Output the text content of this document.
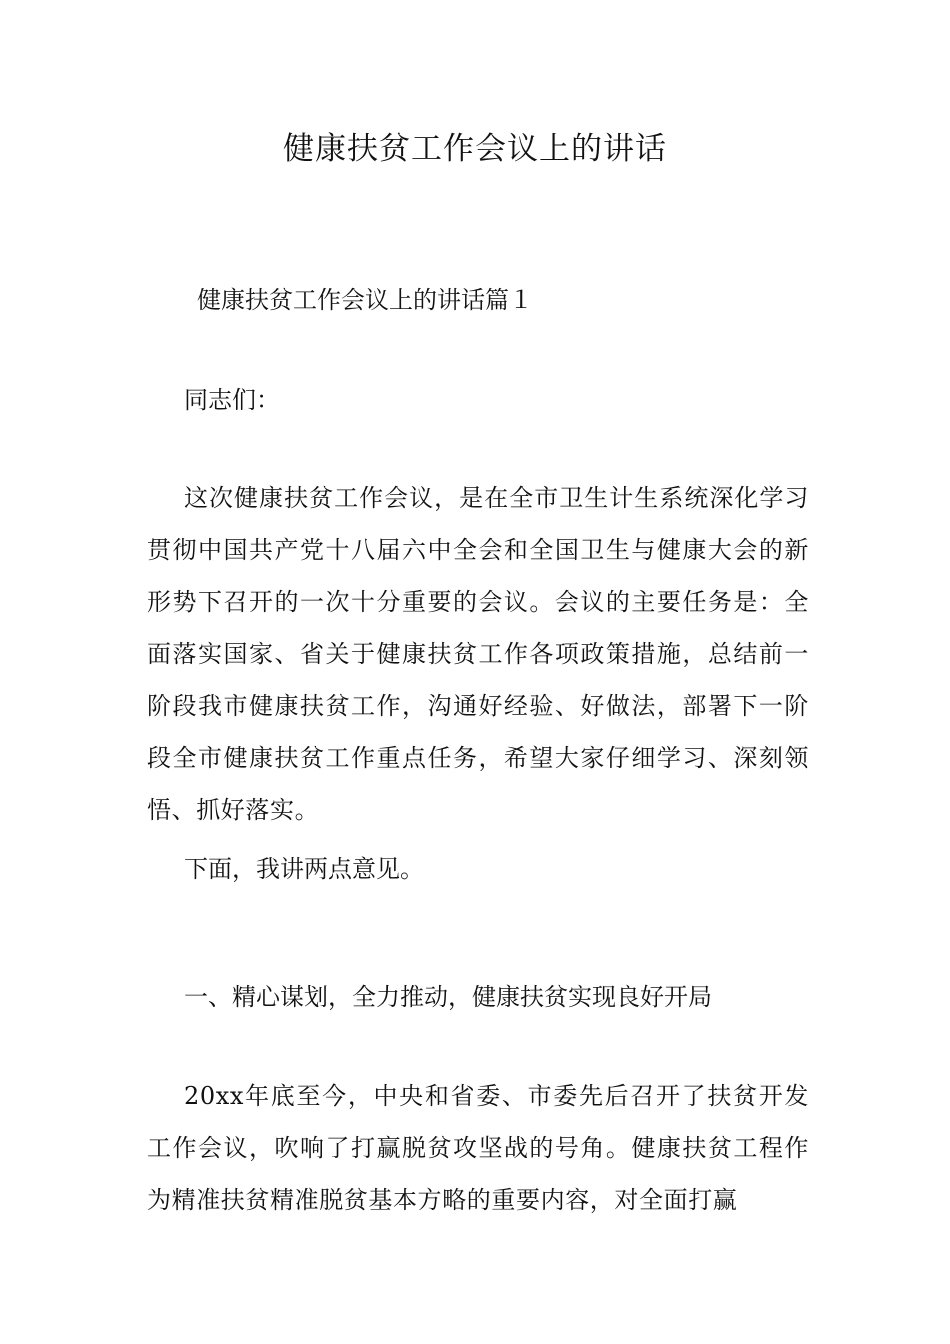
健康扶贫工作会议上的讲话

健康扶贫工作会议上的讲话篇１

同志们：

这次健康扶贫工作会议，是在全市卫生计生系统深化学习贯彻中国共产党十八届六中全会和全国卫生与健康大会的新形势下召开的一次十分重要的会议。会议的主要任务是：全面落实国家、省关于健康扶贫工作各项政策措施，总结前一阶段我市健康扶贫工作，沟通好经验、好做法，部署下一阶段全市健康扶贫工作重点任务，希望大家仔细学习、深刻领悟、抓好落实。

下面，我讲两点意见。

一、精心谋划，全力推动，健康扶贫实现良好开局

20xx年底至今，中央和省委、市委先后召开了扶贫开发工作会议，吹响了打赢脱贫攻坚战的号角。健康扶贫工程作为精准扶贫精准脱贫基本方略的重要内容，对全面打赢
